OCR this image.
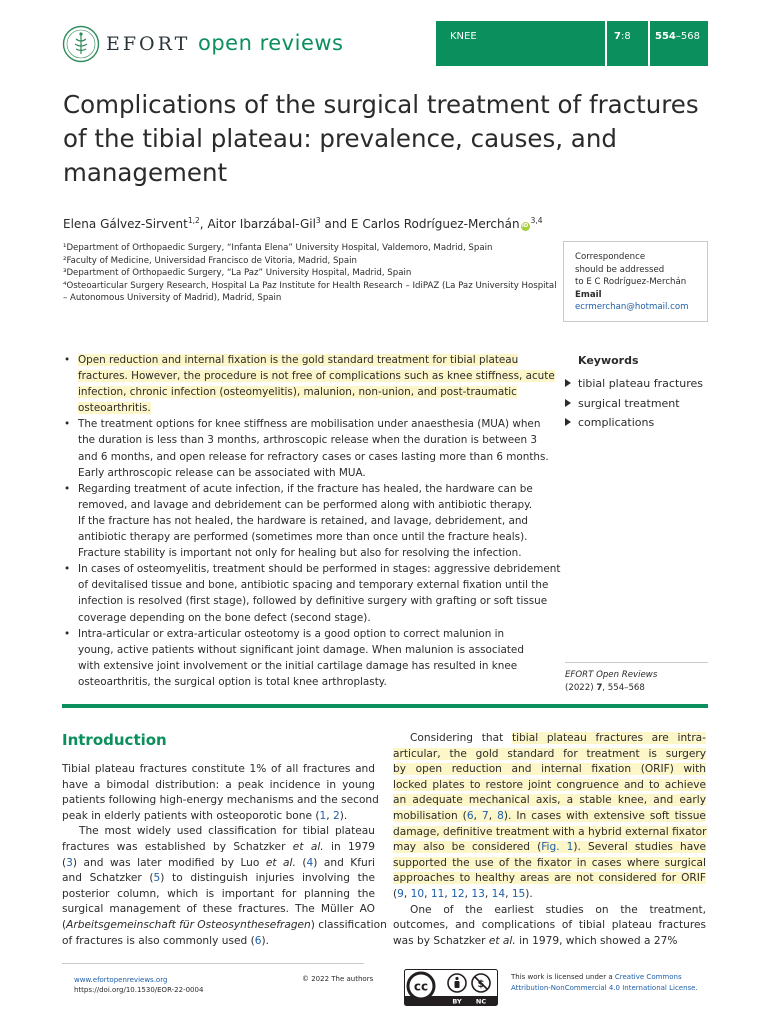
EFORT open reviews	KNEE	7:8 554–568
Complications of the surgical treatment of fractures of the tibial plateau: prevalence, causes, and management
Elena Gálvez-Sirvent$^{1,2}$, Aitor Ibarzábal-Gil$^3$ and E Carlos Rodríguez-Merchán iD$^{3,4}$
¹Department of Orthopaedic Surgery, “Infanta Elena” University Hospital, Valdemoro, Madrid, Spain
²Faculty of Medicine, Universidad Francisco de Vitoria, Madrid, Spain
³Department of Orthopaedic Surgery, “La Paz” University Hospital, Madrid, Spain
⁴Osteoarticular Surgery Research, Hospital La Paz Institute for Health Research – IdiPAZ (La Paz University Hospital
– Autonomous University of Madrid), Madrid, Spain
Correspondence
should be addressed
to E C Rodríguez-Merchán
Email
ecrmerchan@hotmail.com
• Open reduction and internal fixation is the gold standard treatment for tibial plateau
fractures. However, the procedure is not free of complications such as knee stiffness, acute
infection, chronic infection (osteomyelitis), malunion, non-union, and post-traumatic
osteoarthritis.
• The treatment options for knee stiffness are mobilisation under anaesthesia (MUA) when
the duration is less than 3 months, arthroscopic release when the duration is between 3
and 6 months, and open release for refractory cases or cases lasting more than 6 months.
Early arthroscopic release can be associated with MUA.
• Regarding treatment of acute infection, if the fracture has healed, the hardware can be
removed, and lavage and debridement can be performed along with antibiotic therapy.
If the fracture has not healed, the hardware is retained, and lavage, debridement, and
antibiotic therapy are performed (sometimes more than once until the fracture heals).
Fracture stability is important not only for healing but also for resolving the infection.
• In cases of osteomyelitis, treatment should be performed in stages: aggressive debridement
of devitalised tissue and bone, antibiotic spacing and temporary external fixation until the
infection is resolved (first stage), followed by definitive surgery with grafting or soft tissue
coverage depending on the bone defect (second stage).
• Intra-articular or extra-articular osteotomy is a good option to correct malunion in
young, active patients without significant joint damage. When malunion is associated
with extensive joint involvement or the initial cartilage damage has resulted in knee
osteoarthritis, the surgical option is total knee arthroplasty.
Keywords
tibial plateau fractures
surgical treatment
complications
EFORT Open Reviews
(2022) 7, 554–568
Introduction
Tibial plateau fractures constitute 1% of all fractures and
have a bimodal distribution: a peak incidence in young
patients following high-energy mechanisms and the second
peak in elderly patients with osteoporotic bone (1, 2).
The most widely used classification for tibial plateau
fractures was established by Schatzker et al. in 1979
(3) and was later modified by Luo et al. (4) and Kfuri
and Schatzker (5) to distinguish injuries involving the
posterior column, which is important for planning the
surgical management of these fractures. The Müller AO
(Arbeitsgemeinschaft für Osteosynthesefragen) classification
of fractures is also commonly used (6).
Considering that tibial plateau fractures are intra-
articular, the gold standard for treatment is surgery
by open reduction and internal fixation (ORIF) with
locked plates to restore joint congruence and to achieve
an adequate mechanical axis, a stable knee, and early
mobilisation (6, 7, 8). In cases with extensive soft tissue
damage, definitive treatment with a hybrid external fixator
may also be considered (Fig. 1). Several studies have
supported the use of the fixator in cases where surgical
approaches to healthy areas are not considered for ORIF
(9, 10, 11, 12, 13, 14, 15).
One of the earliest studies on the treatment,
outcomes, and complications of tibial plateau fractures
was by Schatzker et al. in 1979, which showed a 27%
www.efortopenreviews.org
https://doi.org/10.1530/EOR-22-0004
© 2022 The authors
cc	$
BY NC
This work is licensed under a Creative Commons
Attribution-NonCommercial 4.0 International License.
